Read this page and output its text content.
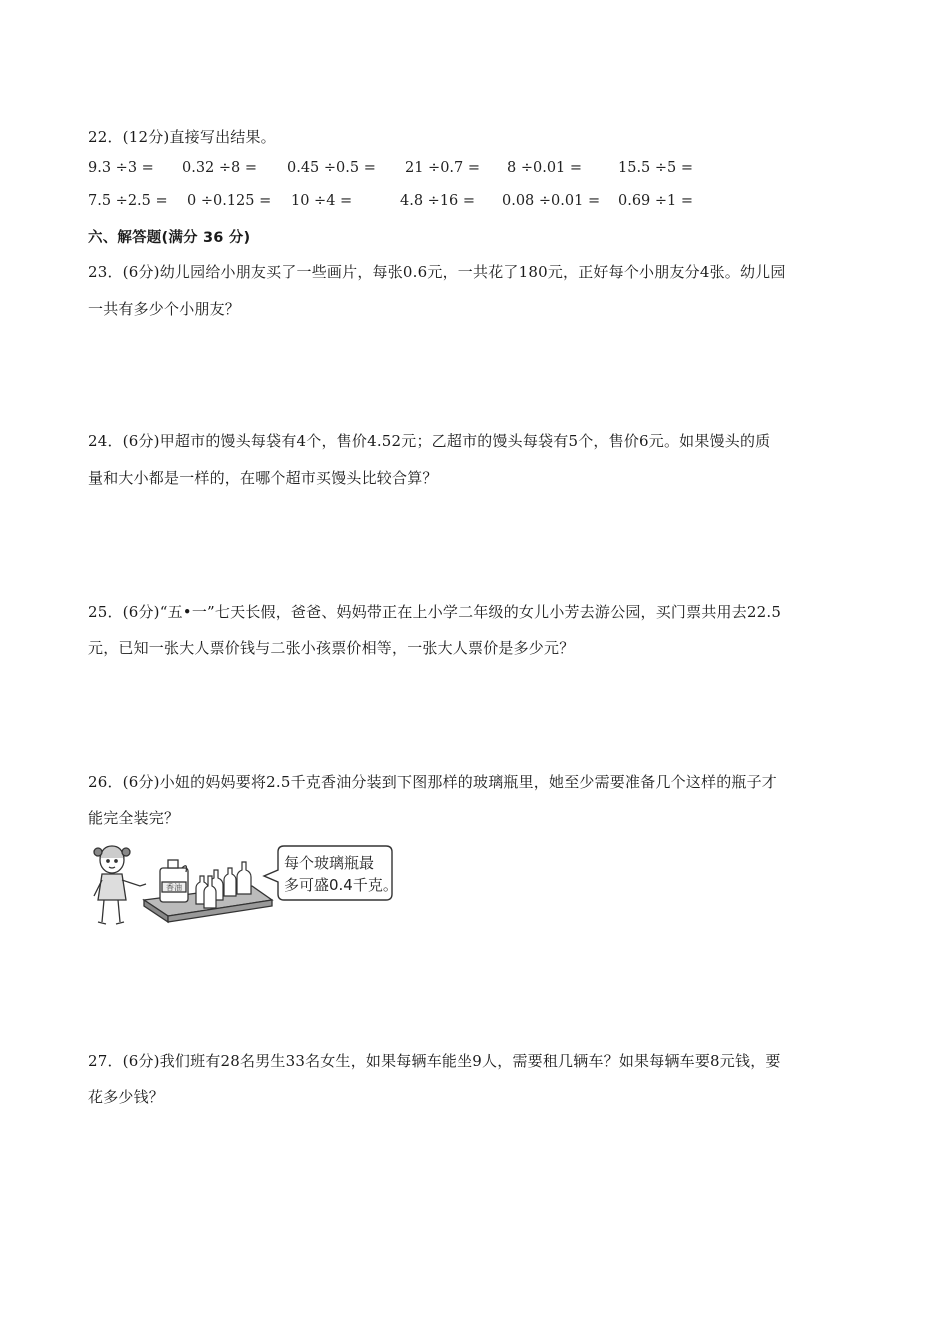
22．(12分)直接写出结果。
9.3 ÷3 = 0.32 ÷8 = 0.45 ÷0.5 = 21 ÷0.7 = 8 ÷0.01 = 15.5 ÷5 =
7.5 ÷2.5 = 0 ÷0.125 = 10 ÷4 =	4.8 ÷16 = 0.08 ÷0.01 = 0.69 ÷1 =
六、解答题(满分 36 分)
23．(6分)幼儿园给小朋友买了一些画片，每张0.6元，一共花了180元，正好每个小朋友分4张。幼儿园
一共有多少个小朋友？
24．(6分)甲超市的馒头每袋有4个，售价4.52元；乙超市的馒头每袋有5个，售价6元。如果馒头的质
量和大小都是一样的，在哪个超市买馒头比较合算？
25．(6分)“五•一”七天长假，爸爸、妈妈带正在上小学二年级的女儿小芳去游公园，买门票共用去22.5
元，已知一张大人票价钱与二张小孩票价相等，一张大人票价是多少元？
26．(6分)小妞的妈妈要将2.5千克香油分装到下图那样的玻璃瓶里，她至少需要准备几个这样的瓶子才
能完全装完？
香油
每个玻璃瓶最
多可盛0.4千克。
27．(6分)我们班有28名男生33名女生，如果每辆车能坐9人，需要租几辆车？如果每辆车要8元钱，要
花多少钱？
